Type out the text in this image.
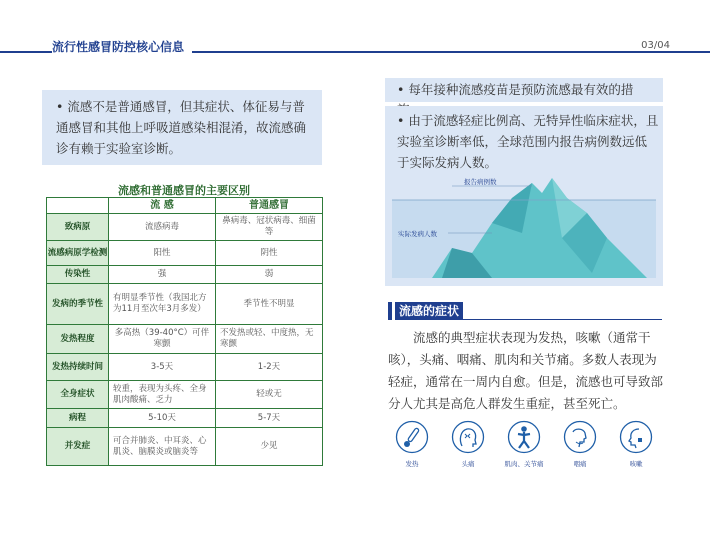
流行性感冒防控核心信息	03/04

• 流感不是普通感冒，但其症状、体征易与普通感冒和其他上呼吸道感染相混淆，故流感确诊有赖于实验室诊断。

流感和普通感冒的主要区别
	流 感	普通感冒
致病原	流感病毒	鼻病毒、冠状病毒、细菌等
流感病原学检测	阳性	阴性
传染性	强	弱
发病的季节性	有明显季节性（我国北方为11月至次年3月多发）	季节性不明显
发热程度	多高热（39-40°C）可伴寒颤	不发热或轻、中度热，无寒颤
发热持续时间	3-5天	1-2天
全身症状	较重，表现为头疼、全身肌肉酸痛、乏力	轻或无
病程	5-10天	5-7天
并发症	可合并肺炎、中耳炎、心肌炎、脑膜炎或脑炎等	少见

• 每年接种流感疫苗是预防流感最有效的措

• 由于流感轻症比例高、无特异性临床症状，且实验室诊断率低，全球范围内报告病例数远低于实际发病人数。

报告病例数
实际发病人数
流感的症状

流感的典型症状表现为发热，咳嗽（通常干咳），头痛、咽痛、肌肉和关节痛。多数人表现为轻症，通常在一周内自愈。但是，流感也可导致部分人尤其是高危人群发生重症，甚至死亡。

发热	头痛	肌肉、关节痛	咽痛	咳嗽
